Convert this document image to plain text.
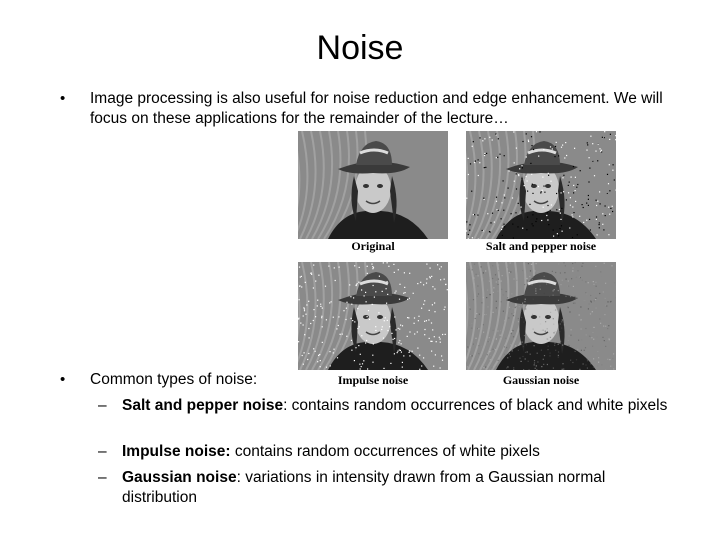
Noise
• Image processing is also useful for noise reduction and edge enhancement. We will focus on these applications for the remainder of the lecture…
Original	Salt and pepper noise
Impulse noise	Gaussian noise
• Common types of noise:
– Salt and pepper noise: contains random occurrences of black and white pixels
– Impulse noise: contains random occurrences of white pixels
– Gaussian noise: variations in intensity drawn from a Gaussian normal distribution
